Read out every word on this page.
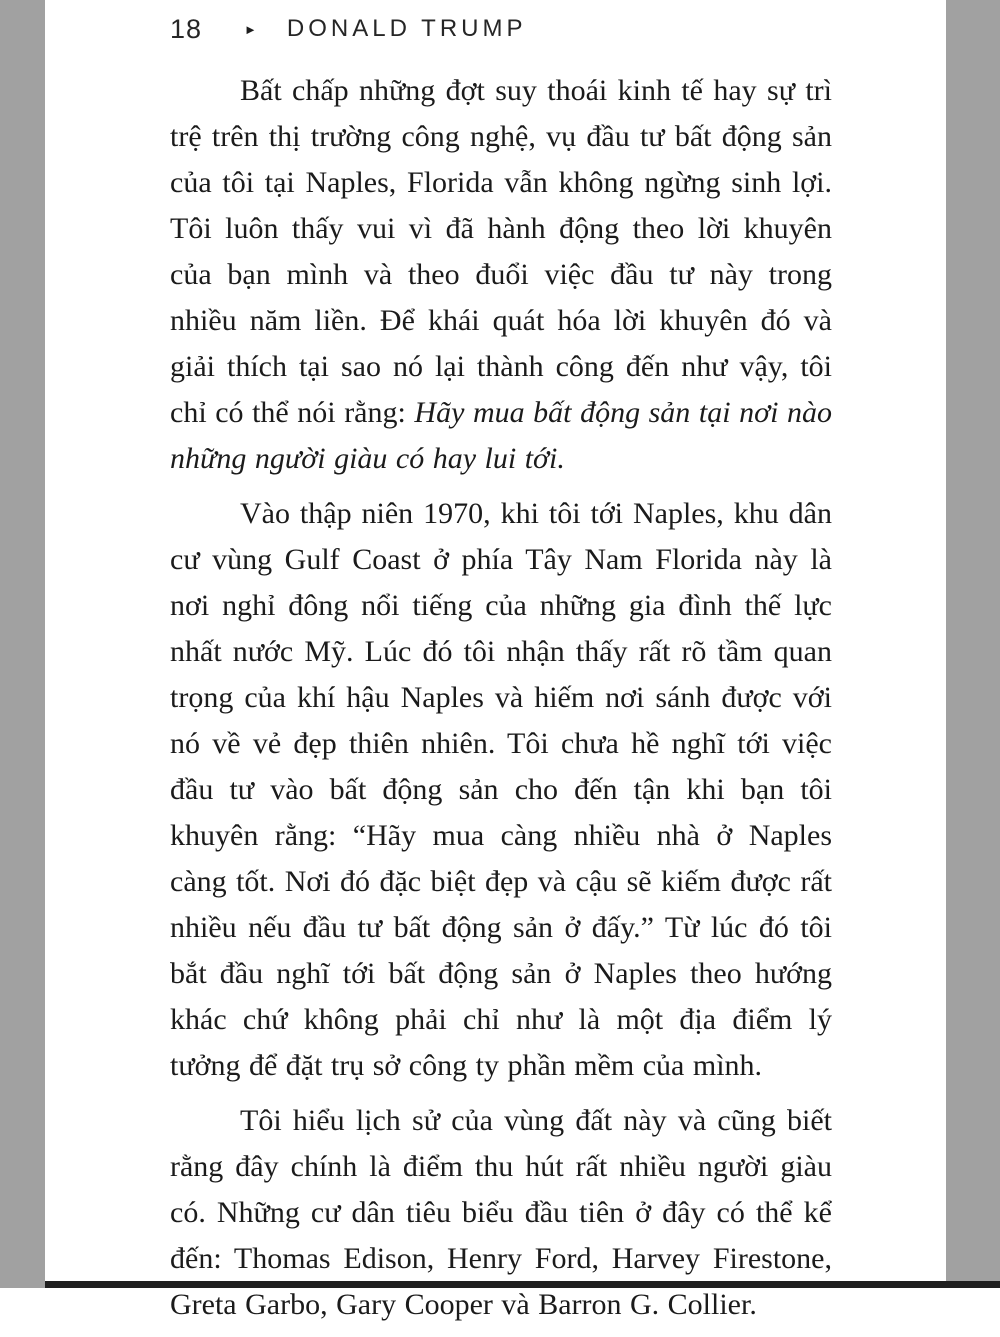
18	► DONALD TRUMP

Bất chấp những đợt suy thoái kinh tế hay sự trì trệ trên thị trường công nghệ, vụ đầu tư bất động sản của tôi tại Naples, Florida vẫn không ngừng sinh lợi. Tôi luôn thấy vui vì đã hành động theo lời khuyên của bạn mình và theo đuổi việc đầu tư này trong nhiều năm liền. Để khái quát hóa lời khuyên đó và giải thích tại sao nó lại thành công đến như vậy, tôi chỉ có thể nói rằng: Hãy mua bất động sản tại nơi nào những người giàu có hay lui tới.

Vào thập niên 1970, khi tôi tới Naples, khu dân cư vùng Gulf Coast ở phía Tây Nam Florida này là nơi nghỉ đông nổi tiếng của những gia đình thế lực nhất nước Mỹ. Lúc đó tôi nhận thấy rất rõ tầm quan trọng của khí hậu Naples và hiếm nơi sánh được với nó về vẻ đẹp thiên nhiên. Tôi chưa hề nghĩ tới việc đầu tư vào bất động sản cho đến tận khi bạn tôi khuyên rằng: “Hãy mua càng nhiều nhà ở Naples càng tốt. Nơi đó đặc biệt đẹp và cậu sẽ kiếm được rất nhiều nếu đầu tư bất động sản ở đấy.” Từ lúc đó tôi bắt đầu nghĩ tới bất động sản ở Naples theo hướng khác chứ không phải chỉ như là một địa điểm lý tưởng để đặt trụ sở công ty phần mềm của mình.

Tôi hiểu lịch sử của vùng đất này và cũng biết rằng đây chính là điểm thu hút rất nhiều người giàu có. Những cư dân tiêu biểu đầu tiên ở đây có thể kể đến: Thomas Edison, Henry Ford, Harvey Firestone, Greta Garbo, Gary Cooper và Barron G. Collier.
